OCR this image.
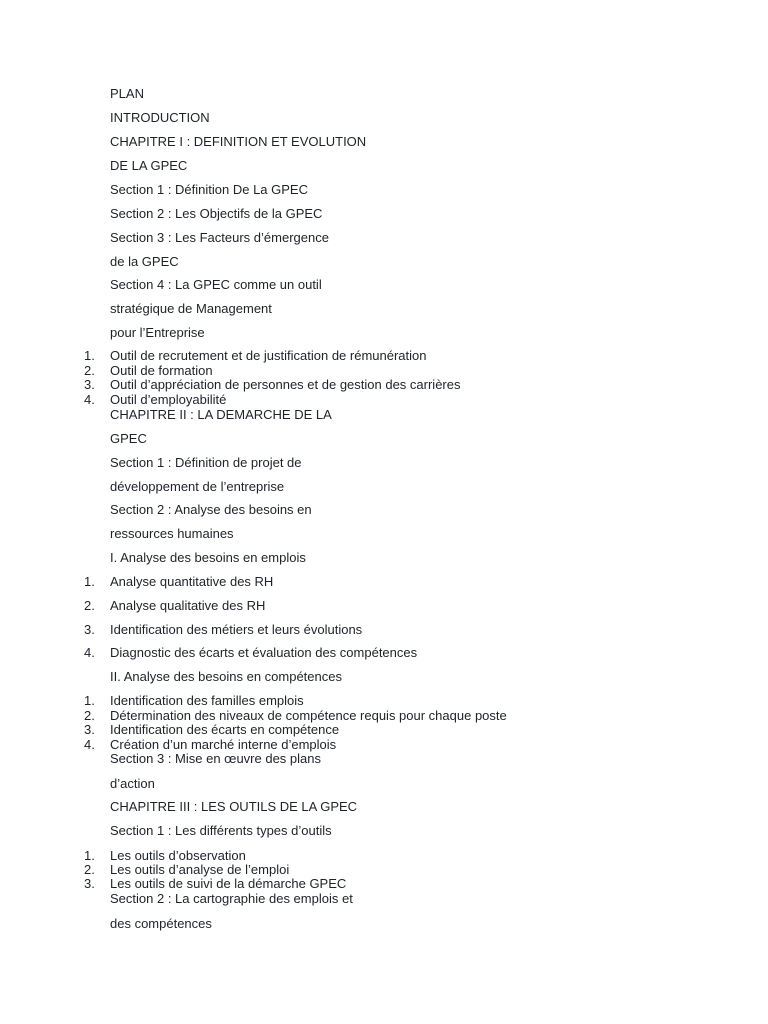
PLAN
INTRODUCTION
CHAPITRE I : DEFINITION ET EVOLUTION
DE LA GPEC
Section 1 : Définition De La GPEC
Section 2 : Les Objectifs de la GPEC
Section 3 : Les Facteurs d’émergence
de la GPEC
Section 4 : La GPEC comme un outil
stratégique de Management
pour l’Entreprise
1.	Outil de recrutement et de justification de rémunération
2.	Outil de formation
3.	Outil d’appréciation de personnes et de gestion des carrières
4.	Outil d’employabilité
CHAPITRE II : LA DEMARCHE DE LA
GPEC
Section 1 : Définition de projet de
développement de l’entreprise
Section 2 : Analyse des besoins en
ressources humaines
I. Analyse des besoins en emplois
1.	Analyse quantitative des RH
2.	Analyse qualitative des RH
3.	Identification des métiers et leurs évolutions
4.	Diagnostic des écarts et évaluation des compétences
II. Analyse des besoins en compétences
1.	Identification des familles emplois
2.	Détermination des niveaux de compétence requis pour chaque poste
3.	Identification des écarts en compétence
4.	Création d’un marché interne d’emplois
Section 3 : Mise en œuvre des plans
d’action
CHAPITRE III : LES OUTILS DE LA GPEC
Section 1 : Les différents types d’outils
1.	Les outils d’observation
2.	Les outils d’analyse de l’emploi
3.	Les outils de suivi de la démarche GPEC
Section 2 : La cartographie des emplois et
des compétences
